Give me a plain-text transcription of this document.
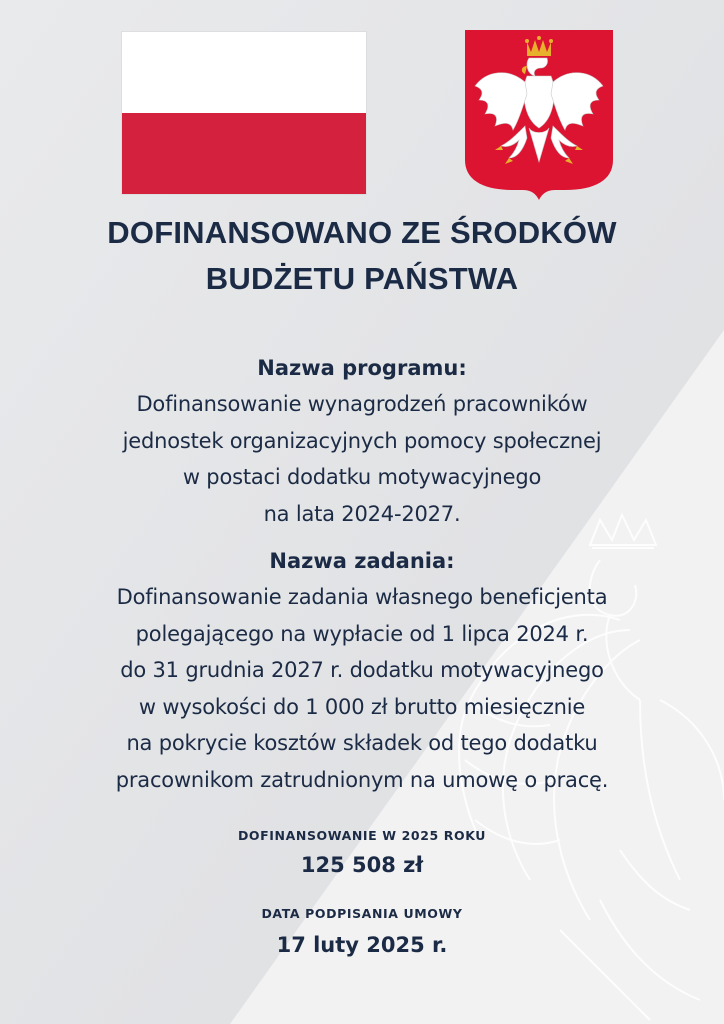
DOFINANSOWANO ZE ŚRODKÓW
BUDŻETU PAŃSTWA
Nazwa programu:
Dofinansowanie wynagrodzeń pracowników
jednostek organizacyjnych pomocy społecznej
w postaci dodatku motywacyjnego
na lata 2024-2027.
Nazwa zadania:
Dofinansowanie zadania własnego beneficjenta
polegającego na wypłacie od 1 lipca 2024 r.
do 31 grudnia 2027 r. dodatku motywacyjnego
w wysokości do 1 000 zł brutto miesięcznie
na pokrycie kosztów składek od tego dodatku
pracownikom zatrudnionym na umowę o pracę.
DOFINANSOWANIE W 2025 ROKU
125 508 zł
DATA PODPISANIA UMOWY
17 luty 2025 r.
